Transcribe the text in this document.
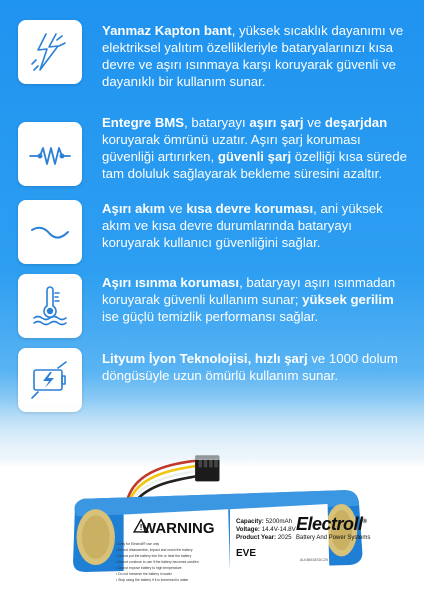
Yanmaz Kapton bant, yüksek sıcaklık dayanımı ve elektriksel yalıtım özellikleriyle bataryalarınızı kısa devre ve aşırı ısınmaya karşı koruyarak güvenli ve dayanıklı bir kullanım sunar.
Entegre BMS, bataryayı aşırı şarj ve deşarjdan koruyarak ömrünü uzatır. Aşırı şarj koruması güvenliği artırırken, güvenli şarj özelliği kısa sürede tam doluluk sağlayarak bekleme süresini azaltır.
Aşırı akım ve kısa devre koruması, ani yüksek akım ve kısa devre durumlarında bataryayı koruyarak kullanıcı güvenliğini sağlar.
Aşırı ısınma koruması, bataryayı aşırı ısınmadan koruyarak güvenli kullanım sunar; yüksek gerilim ise güçlü temizlik performansı sağlar.
Lityum İyon Teknolojisi, hızlı şarj ve 1000 dolum döngüsüyle uzun ömürlü kullanım sunar.
! WARNING
• Only for Electroll® use only
• Do not disassemble, impact and crush the battery
• Do not put the battery into fire or heat the battery
• Do not continue to use if the battery becomes swollen
• Do not expose battery to high temperature
• Do not immerse the battery in water
• Stop using the battery if it is immersed in water
Capacity: 5200mAh
Voltage: 14.4V-14.8V
Product Year: 2025
Electroll®
Battery And Power Systems
EVE
ALK86518SDCZK
